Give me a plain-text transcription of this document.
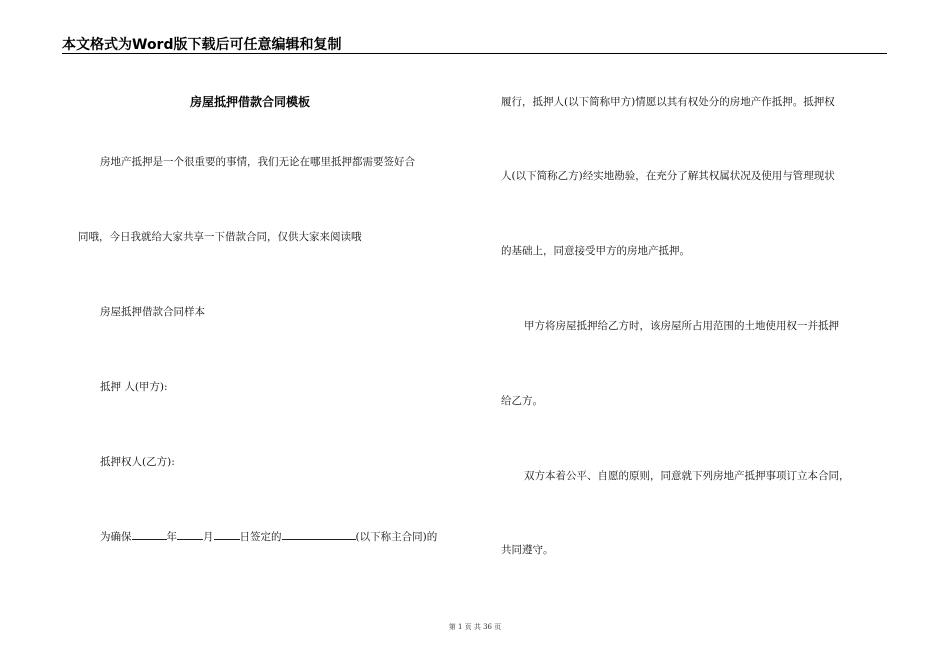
本文格式为Word版下载后可任意编辑和复制
房屋抵押借款合同模板
房地产抵押是一个很重要的事情，我们无论在哪里抵押都需要签好合
同哦，今日我就给大家共享一下借款合同，仅供大家来阅读哦
房屋抵押借款合同样本
抵押 人(甲方):
抵押权人(乙方):
为确保	年 月 日签定的	(以下称主合同)的
履行，抵押人(以下简称甲方)情愿以其有权处分的房地产作抵押。抵押权
人(以下简称乙方)经实地勘验，在充分了解其权属状况及使用与管理现状
的基础上，同意接受甲方的房地产抵押。
甲方将房屋抵押给乙方时，该房屋所占用范围的土地使用权一并抵押
给乙方。
双方本着公平、自愿的原则，同意就下列房地产抵押事项订立本合同，
共同遵守。
第 1 页 共 36 页
